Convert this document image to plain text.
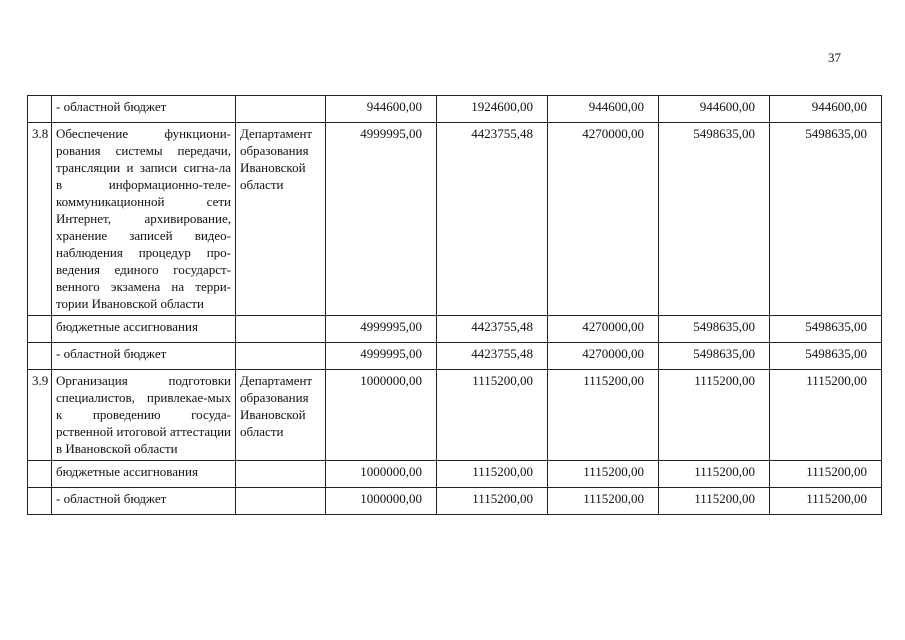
37
	- областной бюджет		944600,00	1924600,00	944600,00	944600,00	944600,00
3.8	Обеспечение функциони-рования системы передачи, трансляции и записи сигна-ла в информационно-теле-коммуникационной сети Интернет, архивирование, хранение записей видео-наблюдения процедур про-ведения единого государст-венного экзамена на терри-тории Ивановской области	Департамент образования Ивановской области	4999995,00	4423755,48	4270000,00	5498635,00	5498635,00
	бюджетные ассигнования		4999995,00	4423755,48	4270000,00	5498635,00	5498635,00
	- областной бюджет		4999995,00	4423755,48	4270000,00	5498635,00	5498635,00
3.9	Организация подготовки специалистов, привлекае-мых к проведению госуда-рственной итоговой аттестации в Ивановской области	Департамент образования Ивановской области	1000000,00	1115200,00	1115200,00	1115200,00	1115200,00
	бюджетные ассигнования		1000000,00	1115200,00	1115200,00	1115200,00	1115200,00
	- областной бюджет		1000000,00	1115200,00	1115200,00	1115200,00	1115200,00
